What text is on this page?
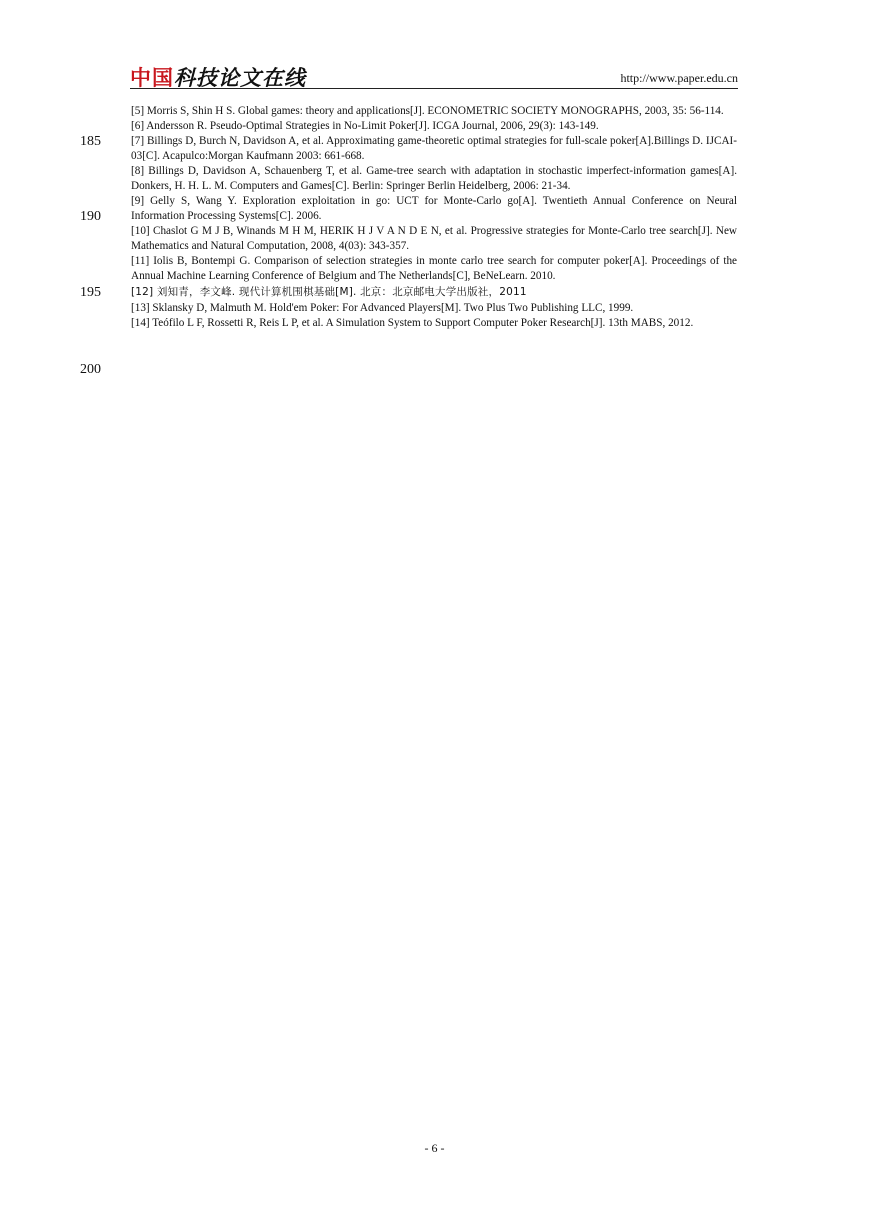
中国科技论文在线	http://www.paper.edu.cn
185
190
195
200
[5] Morris S, Shin H S. Global games: theory and applications[J]. ECONOMETRIC SOCIETY MONOGRAPHS, 2003, 35: 56-114.
[6] Andersson R. Pseudo-Optimal Strategies in No-Limit Poker[J]. ICGA Journal, 2006, 29(3): 143-149.
[7] Billings D, Burch N, Davidson A, et al. Approximating game-theoretic optimal strategies for full-scale poker[A].Billings D. IJCAI-03[C]. Acapulco:Morgan Kaufmann 2003: 661-668.
[8] Billings D, Davidson A, Schauenberg T, et al. Game-tree search with adaptation in stochastic imperfect-information games[A]. Donkers, H. H. L. M. Computers and Games[C]. Berlin: Springer Berlin Heidelberg, 2006: 21-34.
[9] Gelly S, Wang Y. Exploration exploitation in go: UCT for Monte-Carlo go[A]. Twentieth Annual Conference on Neural Information Processing Systems[C]. 2006.
[10] Chaslot G M J B, Winands M H M, HERIK H J V A N D E N, et al. Progressive strategies for Monte-Carlo tree search[J]. New Mathematics and Natural Computation, 2008, 4(03): 343-357.
[11] Iolis B, Bontempi G. Comparison of selection strategies in monte carlo tree search for computer poker[A]. Proceedings of the Annual Machine Learning Conference of Belgium and The Netherlands[C], BeNeLearn. 2010.
[12] 刘知青，李文峰. 现代计算机围棋基础[M]. 北京：北京邮电大学出版社，2011
[13] Sklansky D, Malmuth M. Hold'em Poker: For Advanced Players[M]. Two Plus Two Publishing LLC, 1999.
[14] Teófilo L F, Rossetti R, Reis L P, et al. A Simulation System to Support Computer Poker Research[J]. 13th MABS, 2012.
- 6 -
